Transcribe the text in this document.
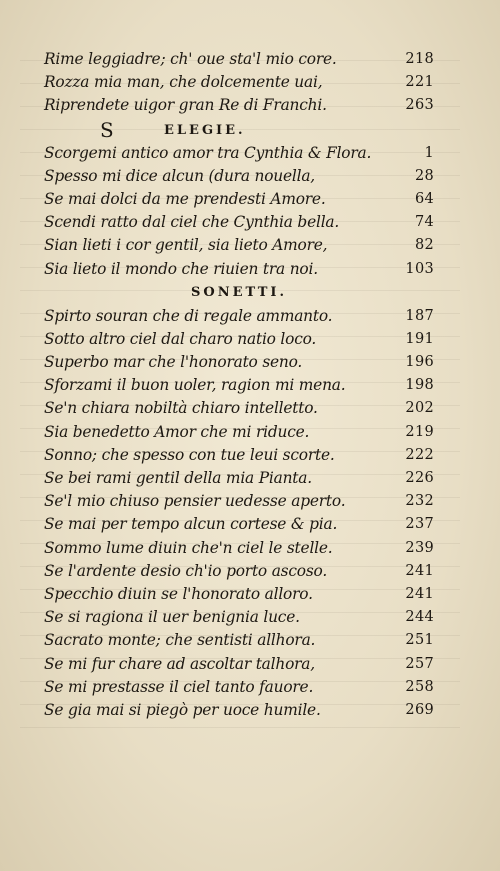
Rime leggiadre; ch' oue sta'l mio core.	218
Rozza mia man, che dolcemente uai,	221
Riprendete uigor gran Re di Franchi.	263
S	ELEGIE.
Scorgemi antico amor tra Cynthia & Flora.	1
Spesso mi dice alcun (dura nouella,	28
Se mai dolci da me prendesti Amore.	64
Scendi ratto dal ciel che Cynthia bella.	74
Sian lieti i cor gentil, sia lieto Amore,	82
Sia lieto il mondo che riuien tra noi.	103
SONETTI.
Spirto souran che di regale ammanto.	187
Sotto altro ciel dal charo natio loco.	191
Superbo mar che l'honorato seno.	196
Sforzami il buon uoler, ragion mi mena.	198
Se'n chiara nobiltà chiaro intelletto.	202
Sia benedetto Amor che mi riduce.	219
Sonno; che spesso con tue leui scorte.	222
Se bei rami gentil della mia Pianta.	226
Se'l mio chiuso pensier uedesse aperto.	232
Se mai per tempo alcun cortese & pia.	237
Sommo lume diuin che'n ciel le stelle.	239
Se l'ardente desio ch'io porto ascoso.	241
Specchio diuin se l'honorato alloro.	241
Se si ragiona il uer benignia luce.	244
Sacrato monte; che sentisti allhora.	251
Se mi fur chare ad ascoltar talhora,	257
Se mi prestasse il ciel tanto fauore.	258
Se gia mai si piegò per uoce humile.	269
